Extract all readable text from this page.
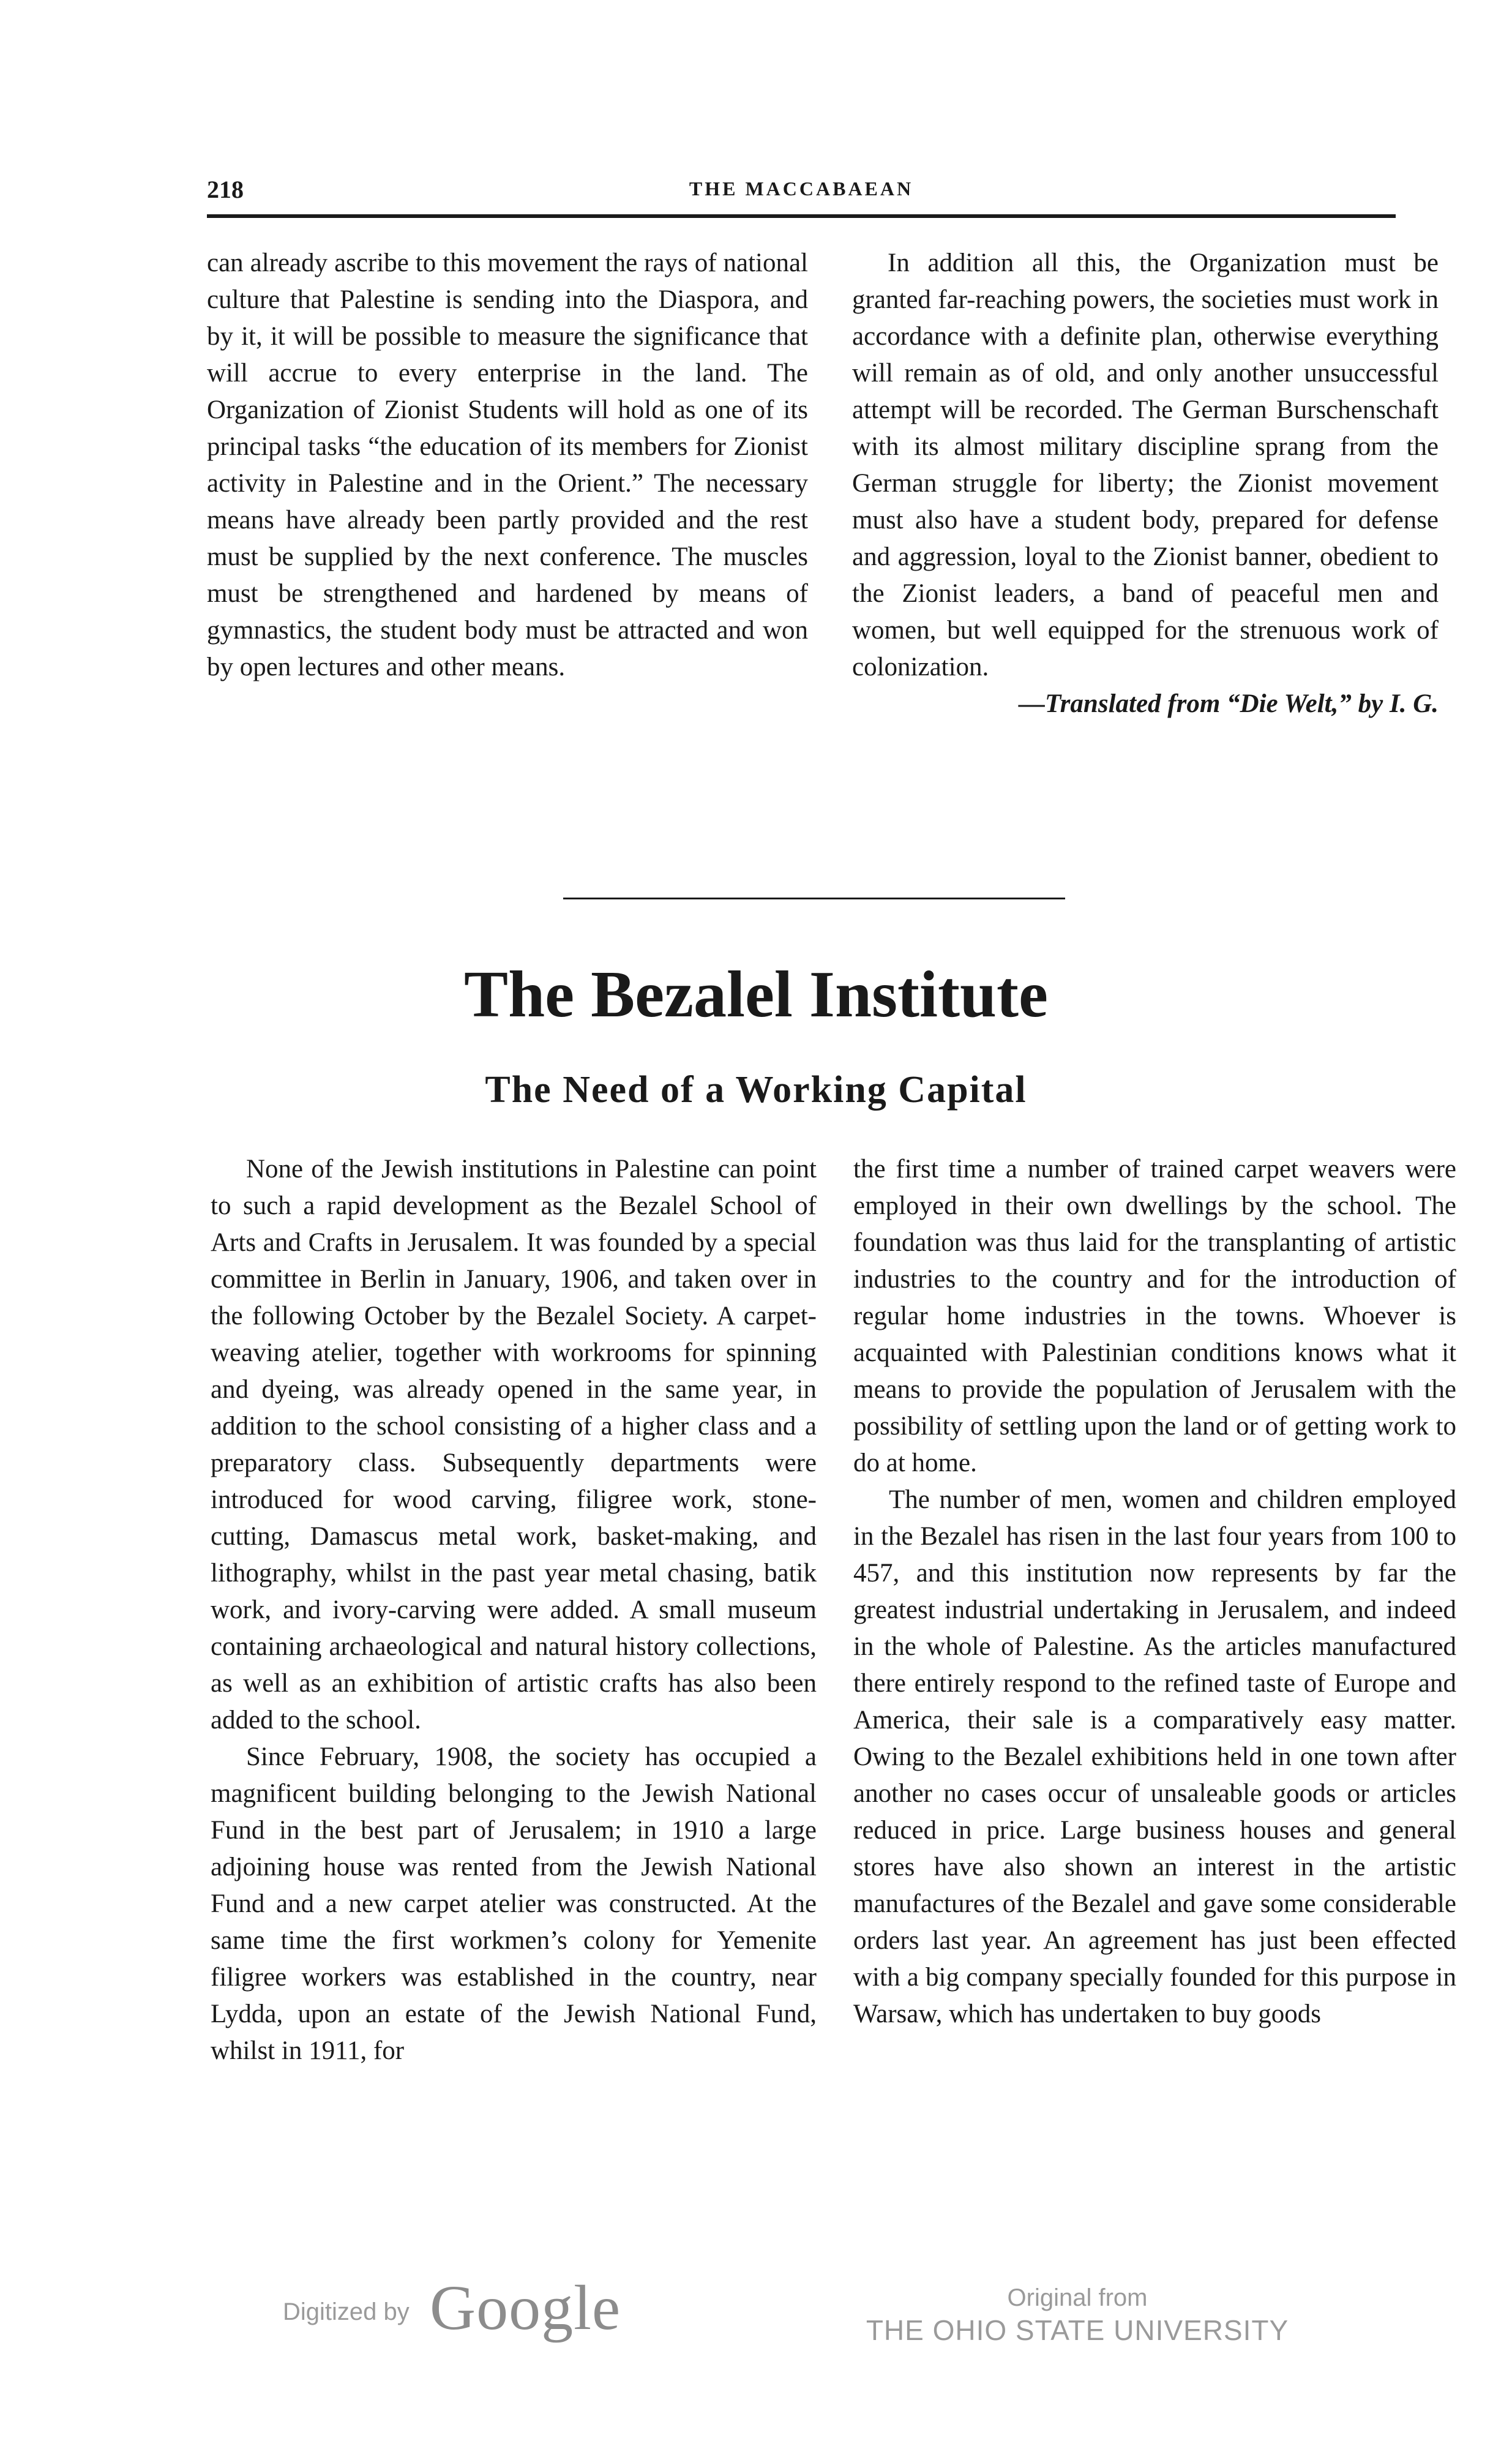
218	THE MACCABAEAN

can already ascribe to this movement the rays of national culture that Palestine is sending into the Diaspora, and by it, it will be possible to measure the significance that will accrue to every enterprise in the land. The Organization of Zionist Students will hold as one of its principal tasks “the education of its members for Zionist activity in Palestine and in the Orient.” The necessary means have already been partly provided and the rest must be supplied by the next conference. The muscles must be strengthened and hardened by means of gymnastics, the student body must be attracted and won by open lectures and other means.

In addition all this, the Organization must be granted far-reaching powers, the societies must work in accordance with a definite plan, otherwise everything will remain as of old, and only another unsuccessful attempt will be recorded. The German Burschenschaft with its almost military discipline sprang from the German struggle for liberty; the Zionist movement must also have a student body, prepared for defense and aggression, loyal to the Zionist banner, obedient to the Zionist leaders, a band of peaceful men and women, but well equipped for the strenuous work of colonization.

—Translated from “Die Welt,” by I. G.

The Bezalel Institute
The Need of a Working Capital

None of the Jewish institutions in Palestine can point to such a rapid development as the Bezalel School of Arts and Crafts in Jerusalem. It was founded by a special committee in Berlin in January, 1906, and taken over in the following October by the Bezalel Society. A carpet-weaving atelier, together with workrooms for spinning and dyeing, was already opened in the same year, in addition to the school consisting of a higher class and a preparatory class. Subsequently departments were introduced for wood carving, filigree work, stone-cutting, Damascus metal work, basket-making, and lithography, whilst in the past year metal chasing, batik work, and ivory-carving were added. A small museum containing archaeological and natural history collections, as well as an exhibition of artistic crafts has also been added to the school.

Since February, 1908, the society has occupied a magnificent building belonging to the Jewish National Fund in the best part of Jerusalem; in 1910 a large adjoining house was rented from the Jewish National Fund and a new carpet atelier was constructed. At the same time the first workmen’s colony for Yemenite filigree workers was established in the country, near Lydda, upon an estate of the Jewish National Fund, whilst in 1911, for

the first time a number of trained carpet weavers were employed in their own dwellings by the school. The foundation was thus laid for the transplanting of artistic industries to the country and for the introduction of regular home industries in the towns. Whoever is acquainted with Palestinian conditions knows what it means to provide the population of Jerusalem with the possibility of settling upon the land or of getting work to do at home.

The number of men, women and children employed in the Bezalel has risen in the last four years from 100 to 457, and this institution now represents by far the greatest industrial undertaking in Jerusalem, and indeed in the whole of Palestine. As the articles manufactured there entirely respond to the refined taste of Europe and America, their sale is a comparatively easy matter. Owing to the Bezalel exhibitions held in one town after another no cases occur of unsaleable goods or articles reduced in price. Large business houses and general stores have also shown an interest in the artistic manufactures of the Bezalel and gave some considerable orders last year. An agreement has just been effected with a big company specially founded for this purpose in Warsaw, which has undertaken to buy goods

Digitized by Google	Original from
THE OHIO STATE UNIVERSITY
